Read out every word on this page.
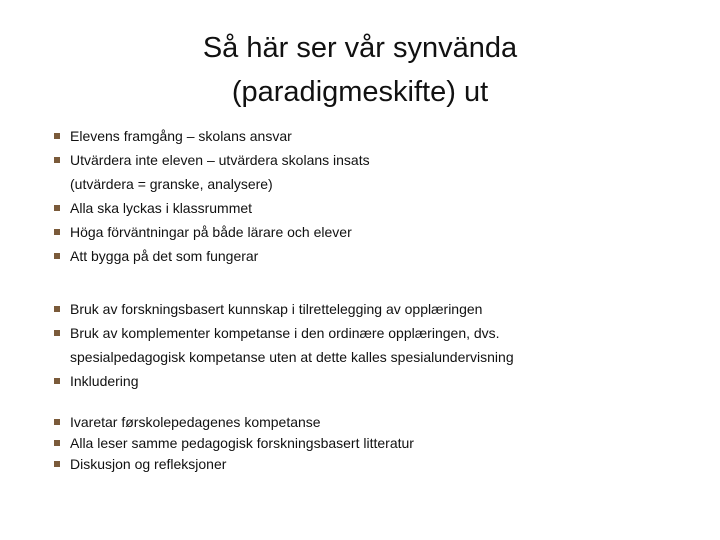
Så här ser vår synvända
(paradigmeskifte) ut
Elevens framgång – skolans ansvar
Utvärdera inte eleven – utvärdera skolans insats
(utvärdera = granske, analysere)
Alla ska lyckas i klassrummet
Höga förväntningar på både lärare och elever
Att bygga på det som fungerar
Bruk av forskningsbasert kunnskap i tilrettelegging av opplæringen
Bruk av komplementer kompetanse i den ordinære opplæringen, dvs.
spesialpedagogisk kompetanse uten at dette kalles spesialundervisning
Inkludering
Ivaretar førskolepedagenes kompetanse
Alla leser samme pedagogisk forskningsbasert litteratur
Diskusjon og refleksjoner
